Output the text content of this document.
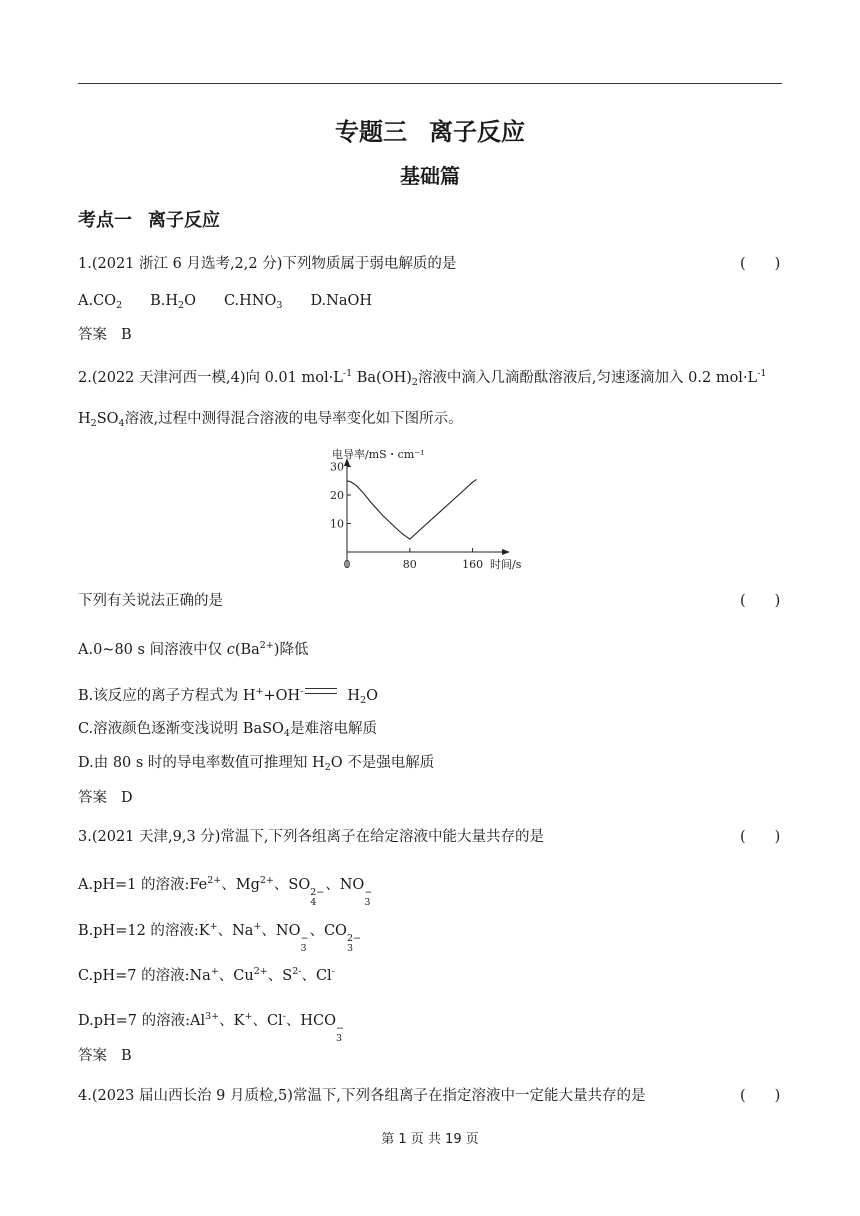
专题三 离子反应
基础篇
考点一 离子反应
1.(2021 浙江 6 月选考,2,2 分)下列物质属于弱电解质的是	(　　)
$A.CO_2$ $B.H_2O$ $C.HNO_3$ D.NaOH
答案 B
2.(2022 天津河西一模,4)向 0.01 $mol\cdot L^{-1}$ $Ba(OH)_2$溶液中滴入几滴酚酞溶液后,匀速逐滴加入 0.2 $mol\cdot L^{-1}$
$H_2SO_4$溶液,过程中测得混合溶液的电导率变化如下图所示。
电导率/mS・cm⁻¹
时间/s
10
20
30
0	80	160
下列有关说法正确的是	(　　)
A.0~80 s 间溶液中仅 $c(Ba^{2+})$降低
B.该反应的离子方程式为 H++OH-	$H_2O$
C.溶液颜色逐渐变浅说明 BaSO$_4$是难溶电解质
D.由 80 s 时的导电率数值可推理知 $H_2O$ 不是强电解质
答案 D
3.(2021 天津,9,3 分)常温下,下列各组离子在给定溶液中能大量共存的是	(　　)
A.pH=1 的溶液$:Fe^{2+}$、$Mg^{2+}$、SO 2−
4
、NO −
3
B.pH=12 的溶液:K+、Na+、NO −
3
、CO 2−
3
C.pH=7 的溶液:Na+、$Cu^{2+}$、$S^{2-}$、Cl-
D.pH=7 的溶液$:Al^{3+}$、K+、Cl-、HCO −
3
答案 B
4.(2023 届山西长治 9 月质检,5)常温下,下列各组离子在指定溶液中一定能大量共存的是	(　　)
第 1 页 共 19 页
